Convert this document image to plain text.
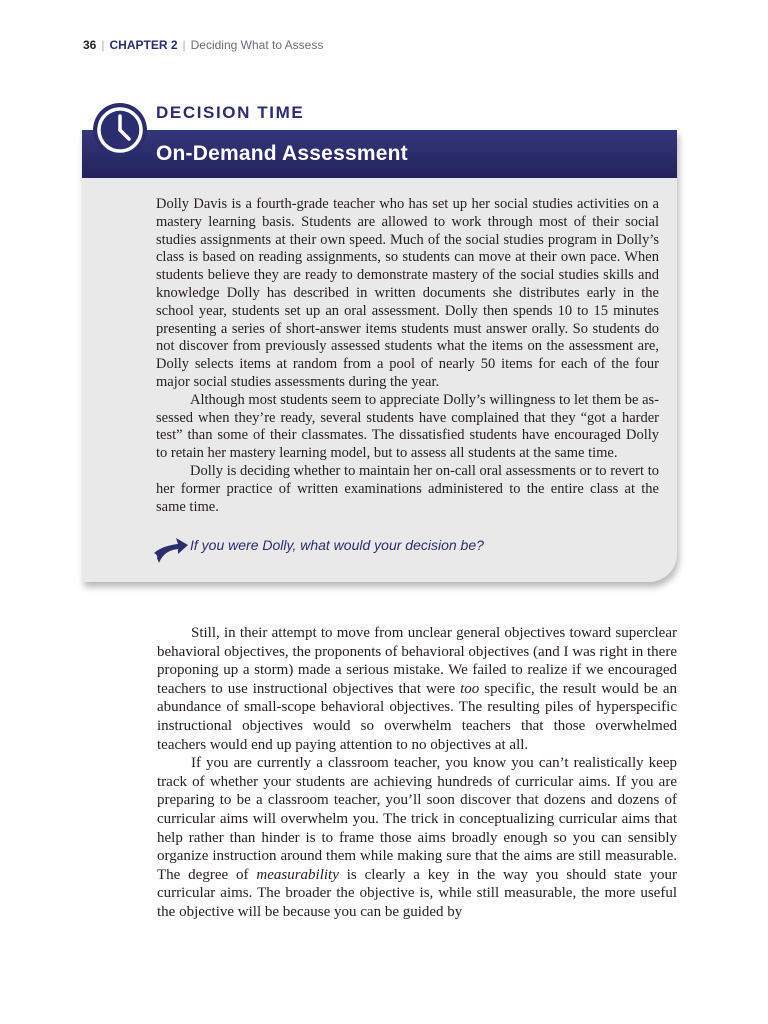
36 | CHAPTER 2 | Deciding What to Assess
DECISION TIME
On-Demand Assessment

Dolly Davis is a fourth-grade teacher who has set up her social studies activities on a mastery learning basis. Students are allowed to work through most of their social studies assignments at their own speed. Much of the social studies program in Dolly’s class is based on reading assignments, so students can move at their own pace. When students believe they are ready to demonstrate mastery of the social studies skills and knowledge Dolly has described in written documents she distributes early in the school year, students set up an oral assessment. Dolly then spends 10 to 15 minutes presenting a series of short-answer items students must answer orally. So students do not discover from previously assessed students what the items on the assessment are, Dolly selects items at random from a pool of nearly 50 items for each of the four major social studies assessments during the year.

Although most students seem to appreciate Dolly’s willingness to let them be assessed when they’re ready, several students have complained that they “got a harder test” than some of their classmates. The dissatisfied students have encouraged Dolly to retain her mastery learning model, but to assess all students at the same time.

Dolly is deciding whether to maintain her on-call oral assessments or to revert to her former practice of written examinations administered to the entire class at the same time.

If you were Dolly, what would your decision be?

Still, in their attempt to move from unclear general objectives toward superclear behavioral objectives, the proponents of behavioral objectives (and I was right in there proponing up a storm) made a serious mistake. We failed to realize if we encouraged teachers to use instructional objectives that were too specific, the result would be an abundance of small-scope behavioral objectives. The resulting piles of hyperspecific instructional objectives would so overwhelm teachers that those overwhelmed teachers would end up paying attention to no objectives at all.

If you are currently a classroom teacher, you know you can’t realistically keep track of whether your students are achieving hundreds of curricular aims. If you are preparing to be a classroom teacher, you’ll soon discover that dozens and dozens of curricular aims will overwhelm you. The trick in conceptualizing curricular aims that help rather than hinder is to frame those aims broadly enough so you can sensibly organize instruction around them while making sure that the aims are still measurable. The degree of measurability is clearly a key in the way you should state your curricular aims. The broader the objective is, while still measurable, the more useful the objective will be because you can be guided by
